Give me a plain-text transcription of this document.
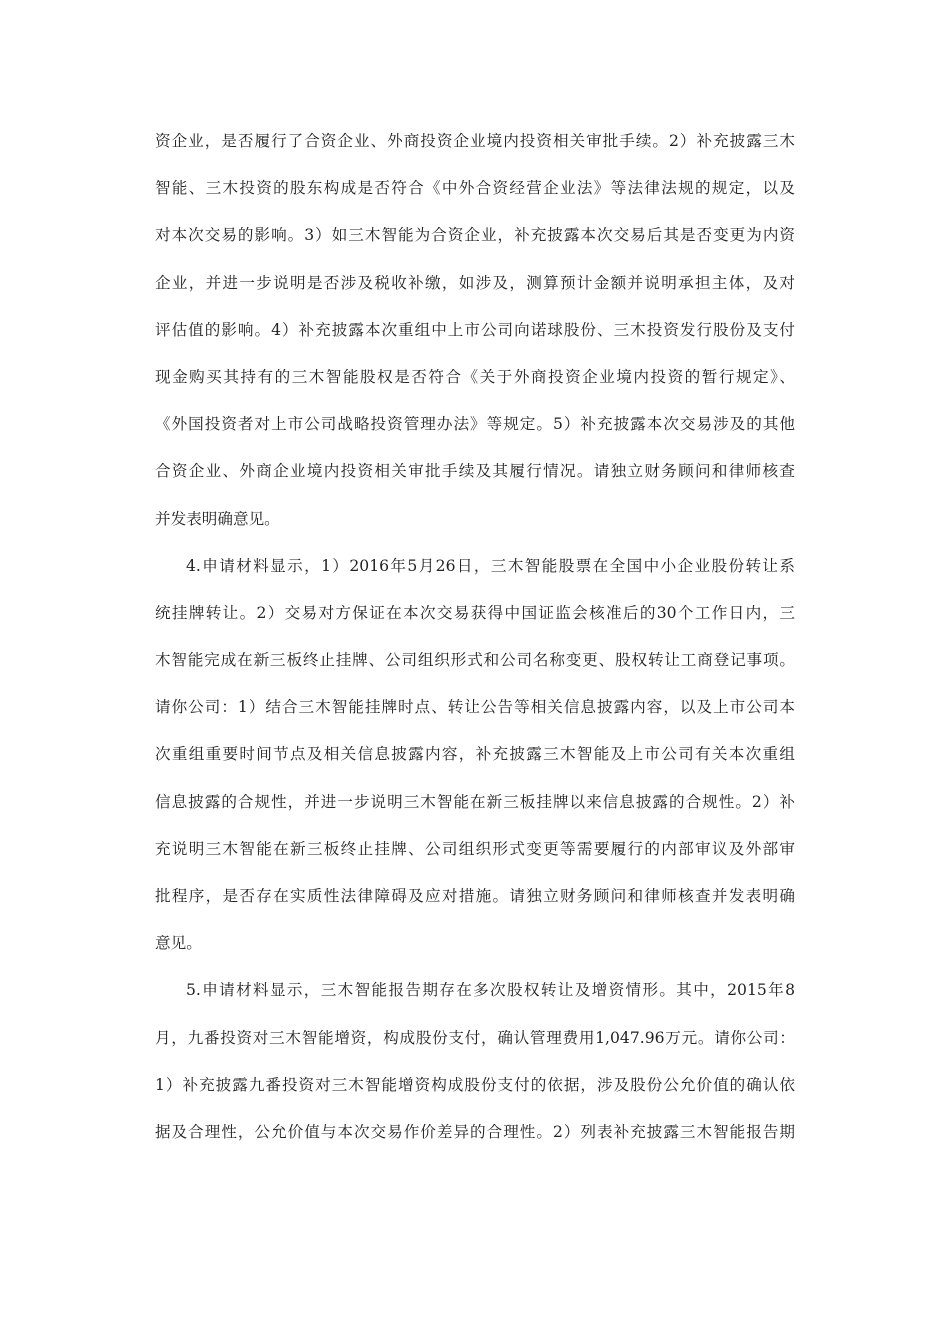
资企业，是否履行了合资企业、外商投资企业境内投资相关审批手续。2）补充披露三木
智能、三木投资的股东构成是否符合《中外合资经营企业法》等法律法规的规定，以及
对本次交易的影响。3）如三木智能为合资企业，补充披露本次交易后其是否变更为内资
企业，并进一步说明是否涉及税收补缴，如涉及，测算预计金额并说明承担主体，及对
评估值的影响。4）补充披露本次重组中上市公司向诺球股份、三木投资发行股份及支付
现金购买其持有的三木智能股权是否符合《关于外商投资企业境内投资的暂行规定》、
《外国投资者对上市公司战略投资管理办法》等规定。5）补充披露本次交易涉及的其他
合资企业、外商企业境内投资相关审批手续及其履行情况。请独立财务顾问和律师核查
并发表明确意见。
4.申请材料显示，1）2016年5月26日，三木智能股票在全国中小企业股份转让系
统挂牌转让。2）交易对方保证在本次交易获得中国证监会核准后的30个工作日内，三
木智能完成在新三板终止挂牌、公司组织形式和公司名称变更、股权转让工商登记事项。
请你公司：1）结合三木智能挂牌时点、转让公告等相关信息披露内容，以及上市公司本
次重组重要时间节点及相关信息披露内容，补充披露三木智能及上市公司有关本次重组
信息披露的合规性，并进一步说明三木智能在新三板挂牌以来信息披露的合规性。2）补
充说明三木智能在新三板终止挂牌、公司组织形式变更等需要履行的内部审议及外部审
批程序，是否存在实质性法律障碍及应对措施。请独立财务顾问和律师核查并发表明确
意见。
5.申请材料显示，三木智能报告期存在多次股权转让及增资情形。其中，2015年8
月，九番投资对三木智能增资，构成股份支付，确认管理费用1,047.96万元。请你公司：
1）补充披露九番投资对三木智能增资构成股份支付的依据，涉及股份公允价值的确认依
据及合理性，公允价值与本次交易作价差异的合理性。2）列表补充披露三木智能报告期
